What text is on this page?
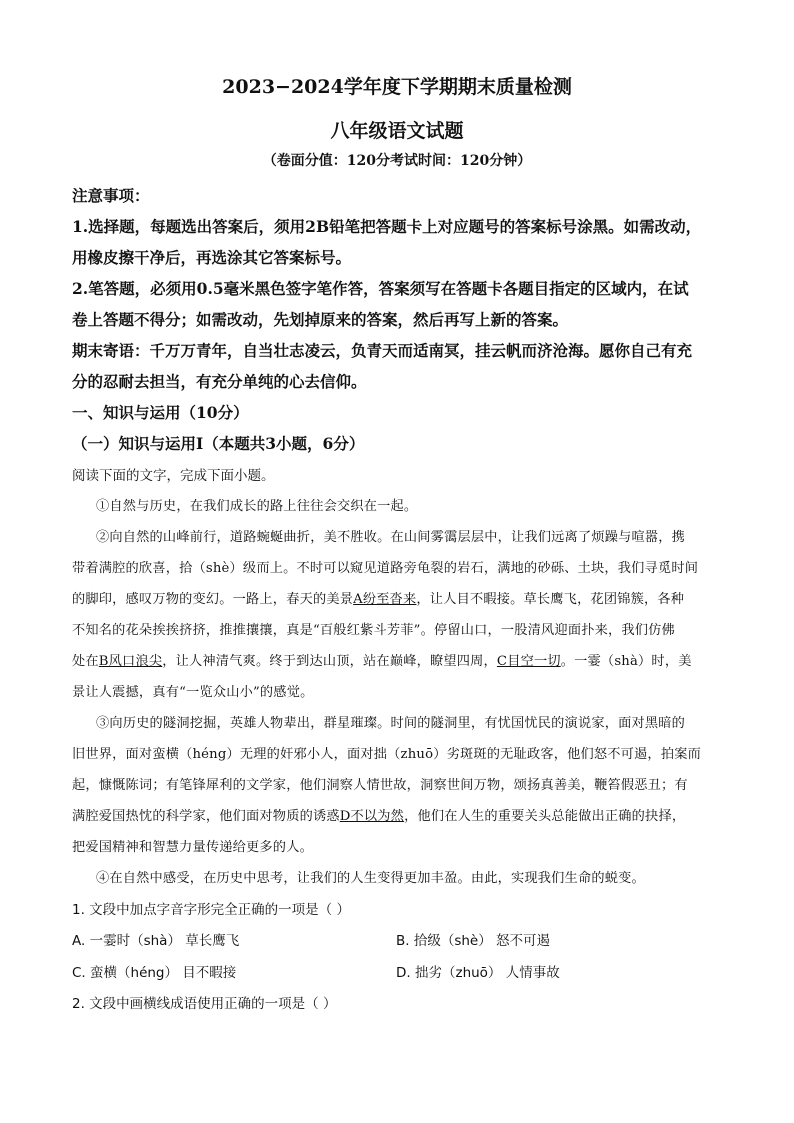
2023−2024学年度下学期期末质量检测
八年级语文试题
（卷面分值：120分考试时间：120分钟）
注意事项：
1.选择题，每题选出答案后，须用2B铅笔把答题卡上对应题号的答案标号涂黑。如需改动，
用橡皮擦干净后，再选涂其它答案标号。
2.笔答题，必须用0.5毫米黑色签字笔作答，答案须写在答题卡各题目指定的区域内，在试
卷上答题不得分；如需改动，先划掉原来的答案，然后再写上新的答案。
期末寄语：千万万青年，自当壮志凌云，负青天而适南冥，挂云帆而济沧海。愿你自己有充
分的忍耐去担当，有充分单纯的心去信仰。
一、知识与运用（10分）
（一）知识与运用Ⅰ（本题共3小题，6分）
阅读下面的文字，完成下面小题。
①自然与历史，在我们成长的路上往往会交织在一起。
②向自然的山峰前行，道路蜿蜒曲折，美不胜收。在山间雾霭层层中，让我们远离了烦躁与喧嚣，携
带着满腔的欣喜，拾（shè）级而上。不时可以窥见道路旁龟裂的岩石，满地的砂砾、土块，我们寻觅时间
的脚印，感叹万物的变幻。一路上，春天的美景A纷至沓来，让人目不暇接。草长鹰飞，花团锦簇，各种
不知名的花朵挨挨挤挤，推推攘攘，真是“百般红紫斗芳菲”。停留山口，一股清风迎面扑来，我们仿佛
处在B风口浪尖，让人神清气爽。终于到达山顶，站在巅峰，瞭望四周，C目空一切。一霎（shà）时，美
景让人震撼，真有“一览众山小”的感觉。
③向历史的隧洞挖掘，英雄人物辈出，群星璀璨。时间的隧洞里，有忧国忧民的演说家，面对黑暗的
旧世界，面对蛮横（héng）无理的奸邪小人，面对拙（zhuō）劣斑斑的无耻政客，他们怒不可遏，拍案而
起，慷慨陈词；有笔锋犀利的文学家，他们洞察人情世故，洞察世间万物，颂扬真善美，鞭笞假恶丑；有
满腔爱国热忱的科学家，他们面对物质的诱惑D不以为然，他们在人生的重要关头总能做出正确的抉择，
把爱国精神和智慧力量传递给更多的人。
④在自然中感受，在历史中思考，让我们的人生变得更加丰盈。由此，实现我们生命的蜕变。
1. 文段中加点字音字形完全正确的一项是（ ）
A. 一霎时（shà） 草长鹰飞	B. 拾级（shè） 怒不可遏
C. 蛮横（héng） 目不暇接	D. 拙劣（zhuō） 人情事故
2. 文段中画横线成语使用正确的一项是（ ）
